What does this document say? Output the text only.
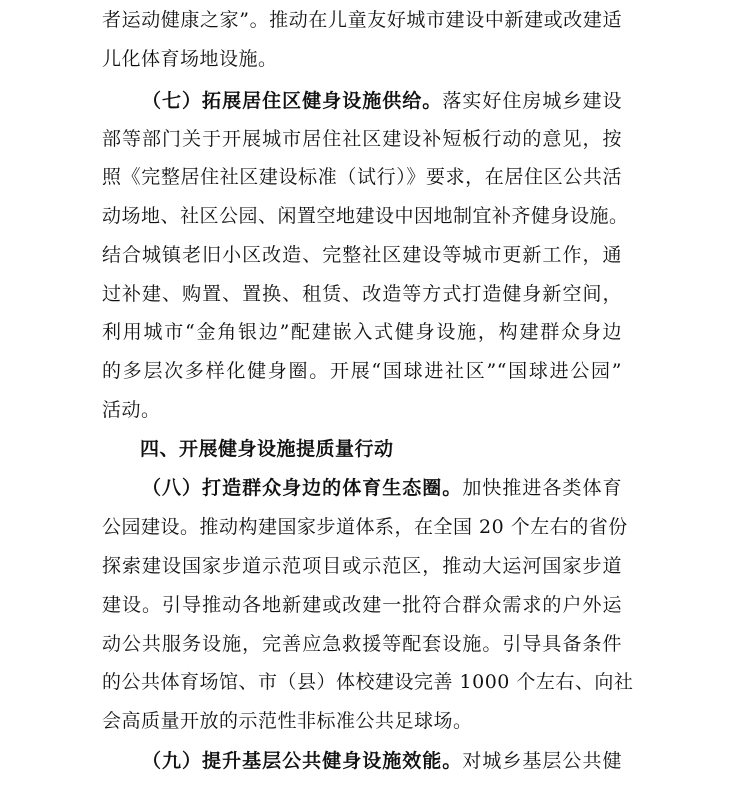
者运动健康之家”。推动在儿童友好城市建设中新建或改建适
儿化体育场地设施。
（七）拓展居住区健身设施供给。落实好住房城乡建设
部等部门关于开展城市居住社区建设补短板行动的意见，按
照《完整居住社区建设标准（试行）》要求，在居住区公共活
动场地、社区公园、闲置空地建设中因地制宜补齐健身设施。
结合城镇老旧小区改造、完整社区建设等城市更新工作，通
过补建、购置、置换、租赁、改造等方式打造健身新空间，
利用城市“金角银边”配建嵌入式健身设施，构建群众身边
的多层次多样化健身圈。开展“国球进社区”“国球进公园”
活动。
四、开展健身设施提质量行动
（八）打造群众身边的体育生态圈。加快推进各类体育
公园建设。推动构建国家步道体系，在全国 20 个左右的省份
探索建设国家步道示范项目或示范区，推动大运河国家步道
建设。引导推动各地新建或改建一批符合群众需求的户外运
动公共服务设施，完善应急救援等配套设施。引导具备条件
的公共体育场馆、市（县）体校建设完善 1000 个左右、向社
会高质量开放的示范性非标准公共足球场。
（九）提升基层公共健身设施效能。对城乡基层公共健
